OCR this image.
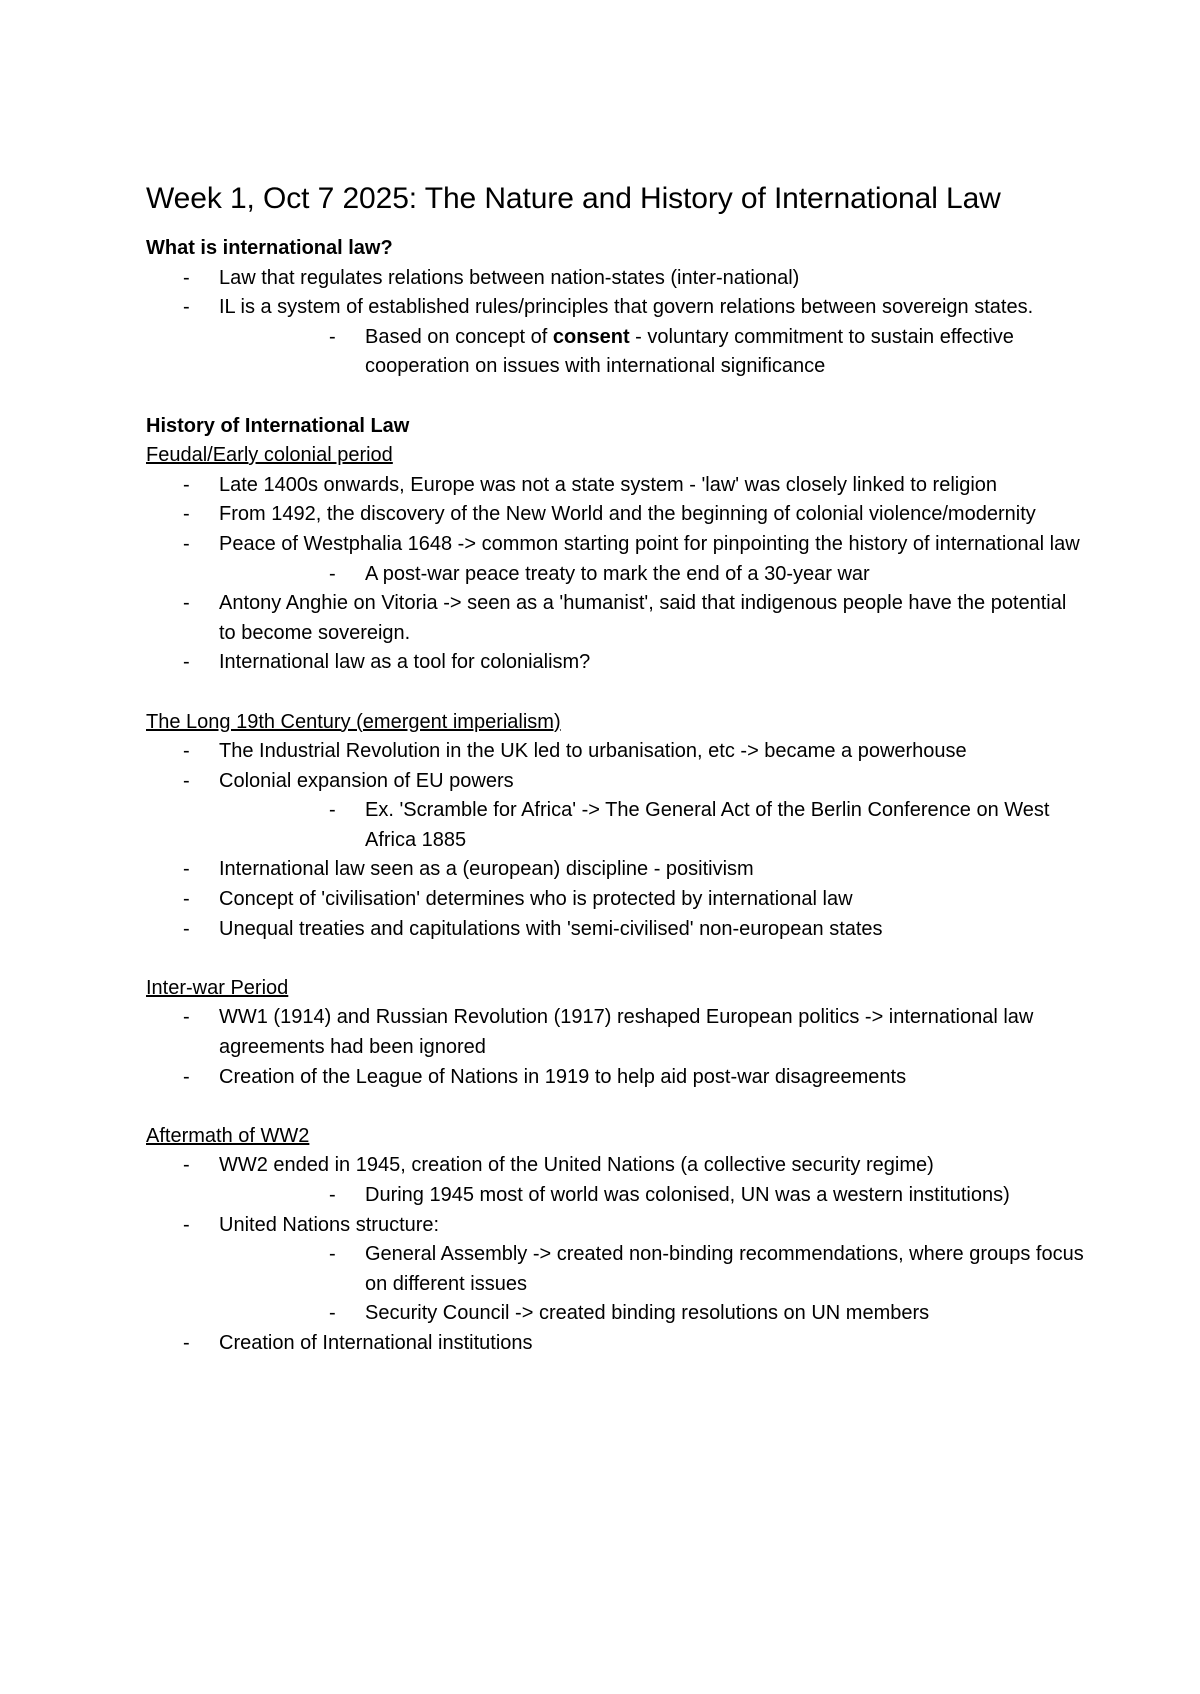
Week 1, Oct 7 2025: The Nature and History of International Law
What is international law?
- Law that regulates relations between nation-states (inter-national)
- IL is a system of established rules/principles that govern relations between sovereign states.
- Based on concept of consent - voluntary commitment to sustain effective cooperation on issues with international significance
History of International Law
Feudal/Early colonial period
- Late 1400s onwards, Europe was not a state system - 'law' was closely linked to religion
- From 1492, the discovery of the New World and the beginning of colonial violence/modernity
- Peace of Westphalia 1648 -> common starting point for pinpointing the history of international law
- A post-war peace treaty to mark the end of a 30-year war
- Antony Anghie on Vitoria -> seen as a 'humanist', said that indigenous people have the potential to become sovereign.
- International law as a tool for colonialism?
The Long 19th Century (emergent imperialism)
- The Industrial Revolution in the UK led to urbanisation, etc -> became a powerhouse
- Colonial expansion of EU powers
- Ex. 'Scramble for Africa' -> The General Act of the Berlin Conference on West Africa 1885
- International law seen as a (european) discipline - positivism
- Concept of 'civilisation' determines who is protected by international law
- Unequal treaties and capitulations with 'semi-civilised' non-european states
Inter-war Period
- WW1 (1914) and Russian Revolution (1917) reshaped European politics -> international law agreements had been ignored
- Creation of the League of Nations in 1919 to help aid post-war disagreements
Aftermath of WW2
- WW2 ended in 1945, creation of the United Nations (a collective security regime)
- During 1945 most of world was colonised, UN was a western institutions)
- United Nations structure:
- General Assembly -> created non-binding recommendations, where groups focus on different issues
- Security Council -> created binding resolutions on UN members
- Creation of International institutions
